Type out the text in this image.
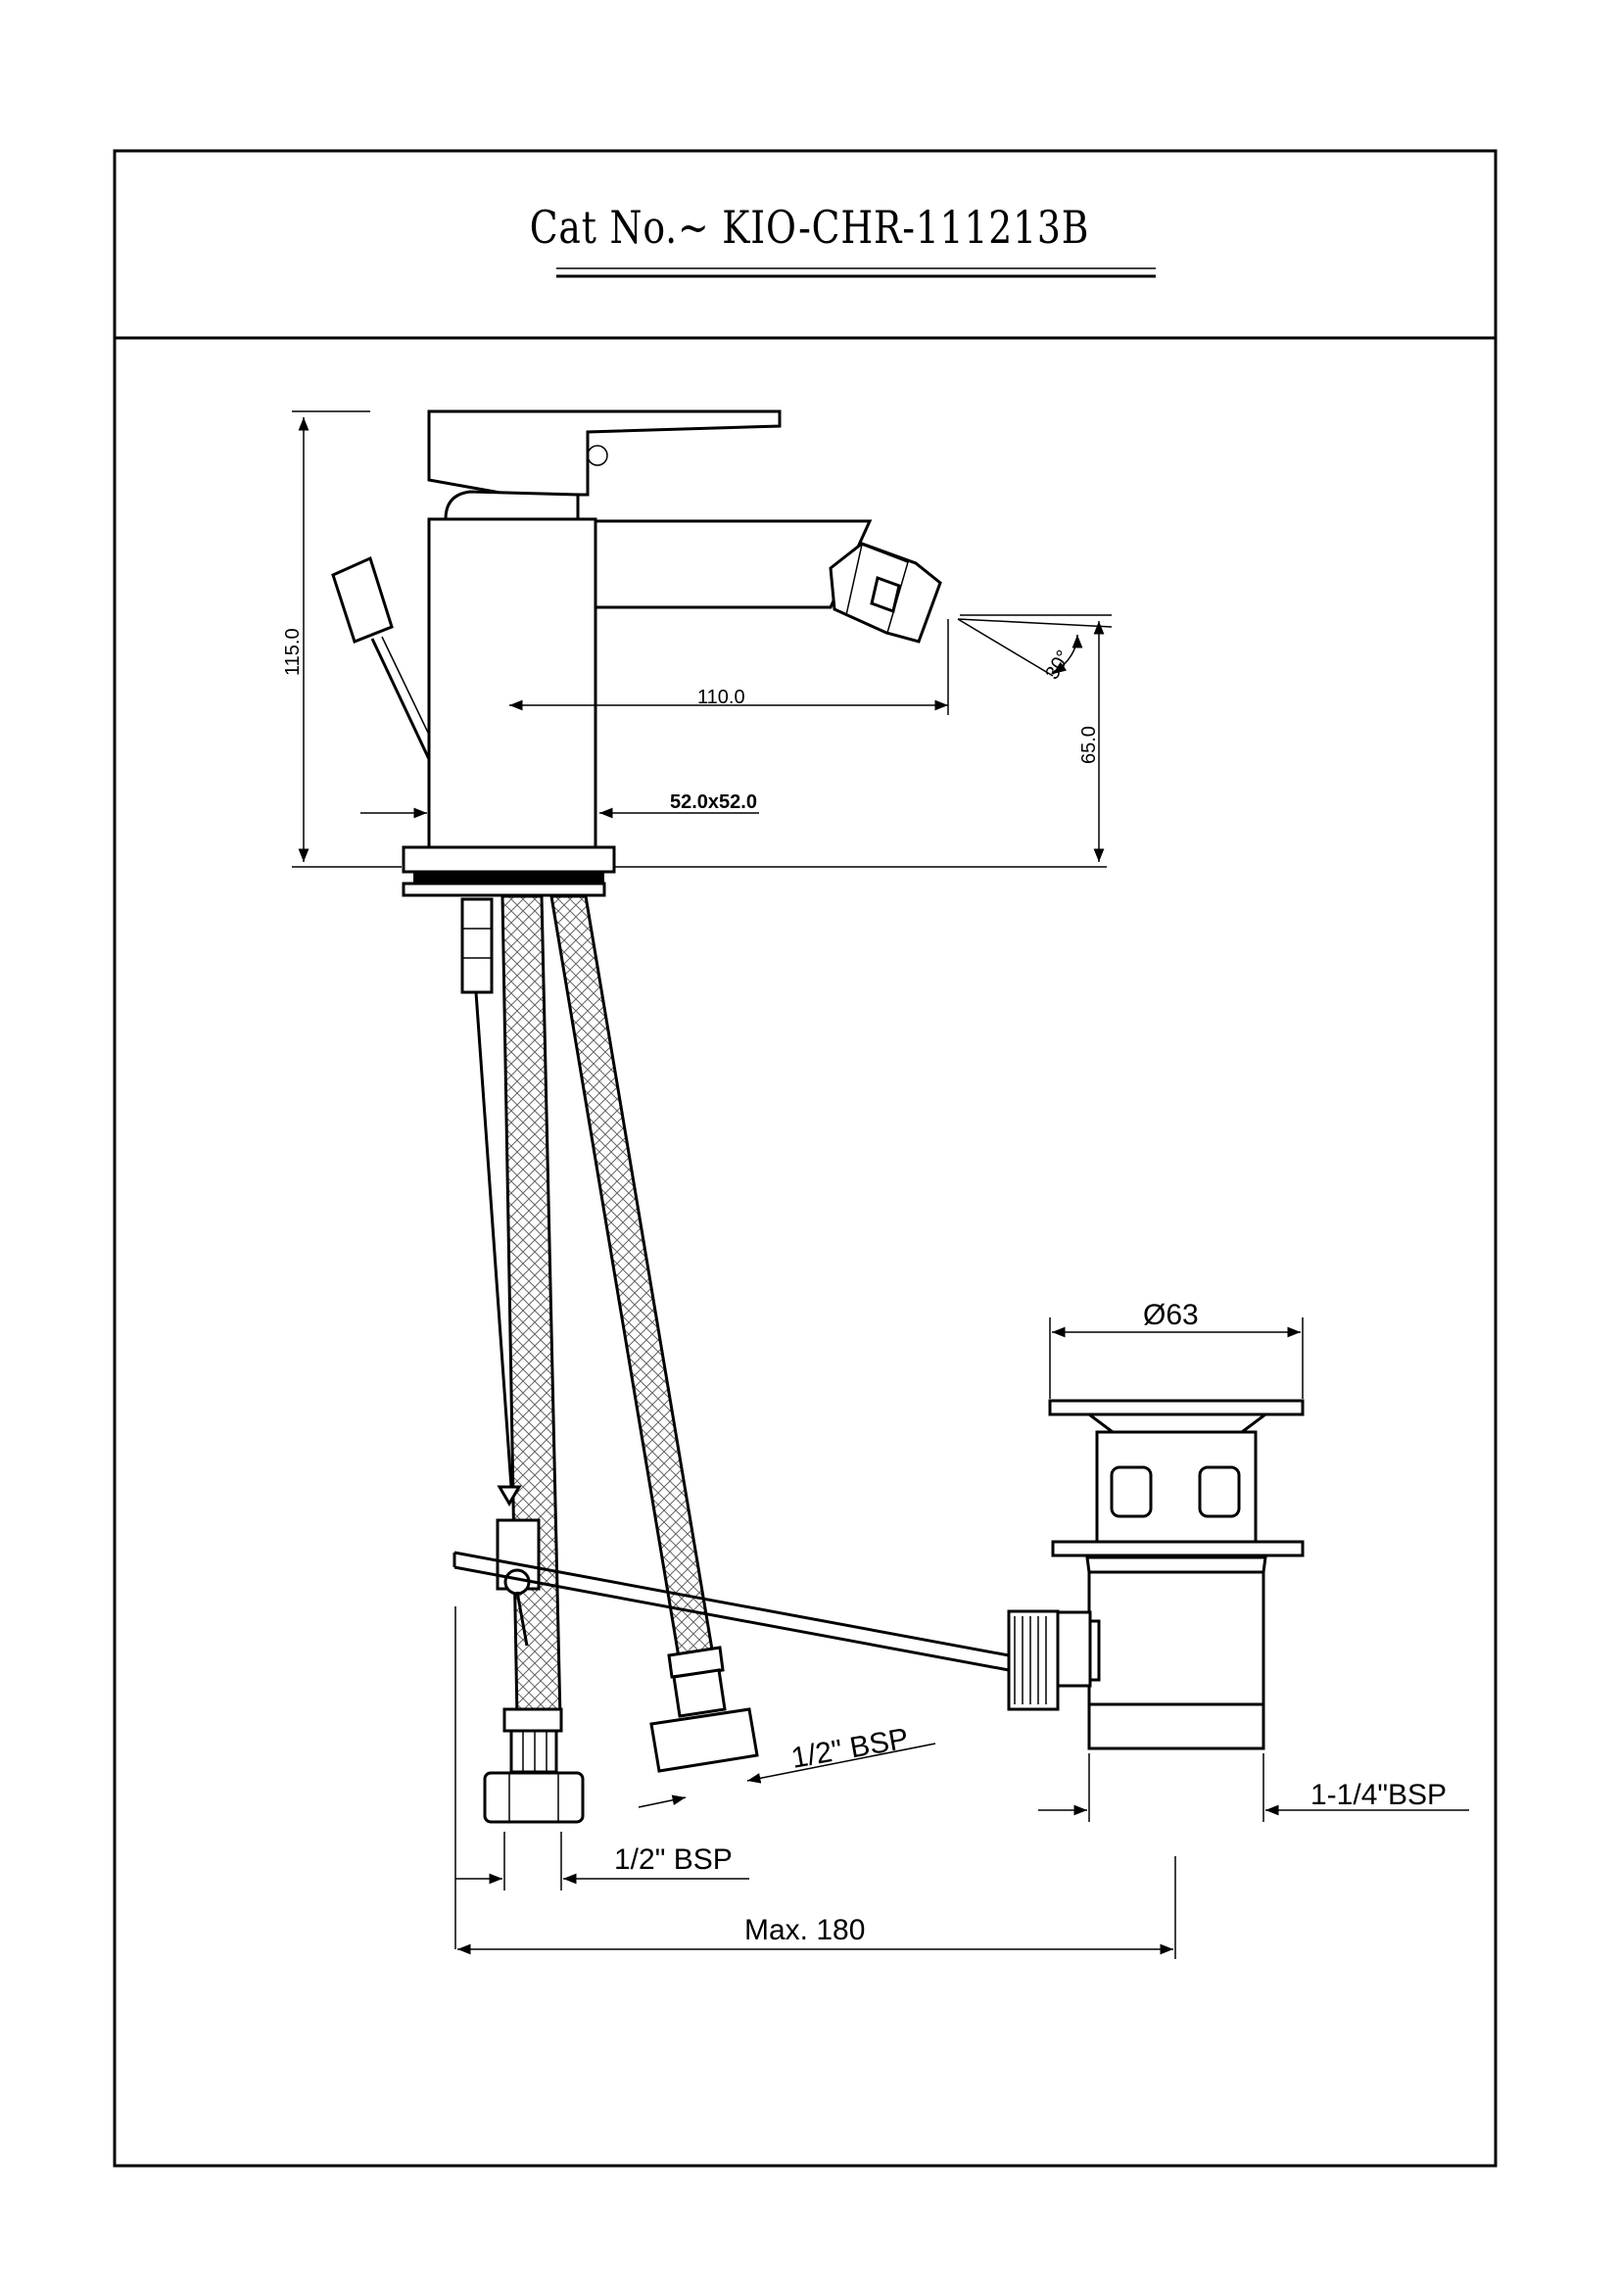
Cat No.~ KIO-CHR-111213B
115.0
110.0
65.0
52.0x52.0
30°
Ø63
1/2" BSP
1/2" BSP
1-1/4"BSP
Max. 180
